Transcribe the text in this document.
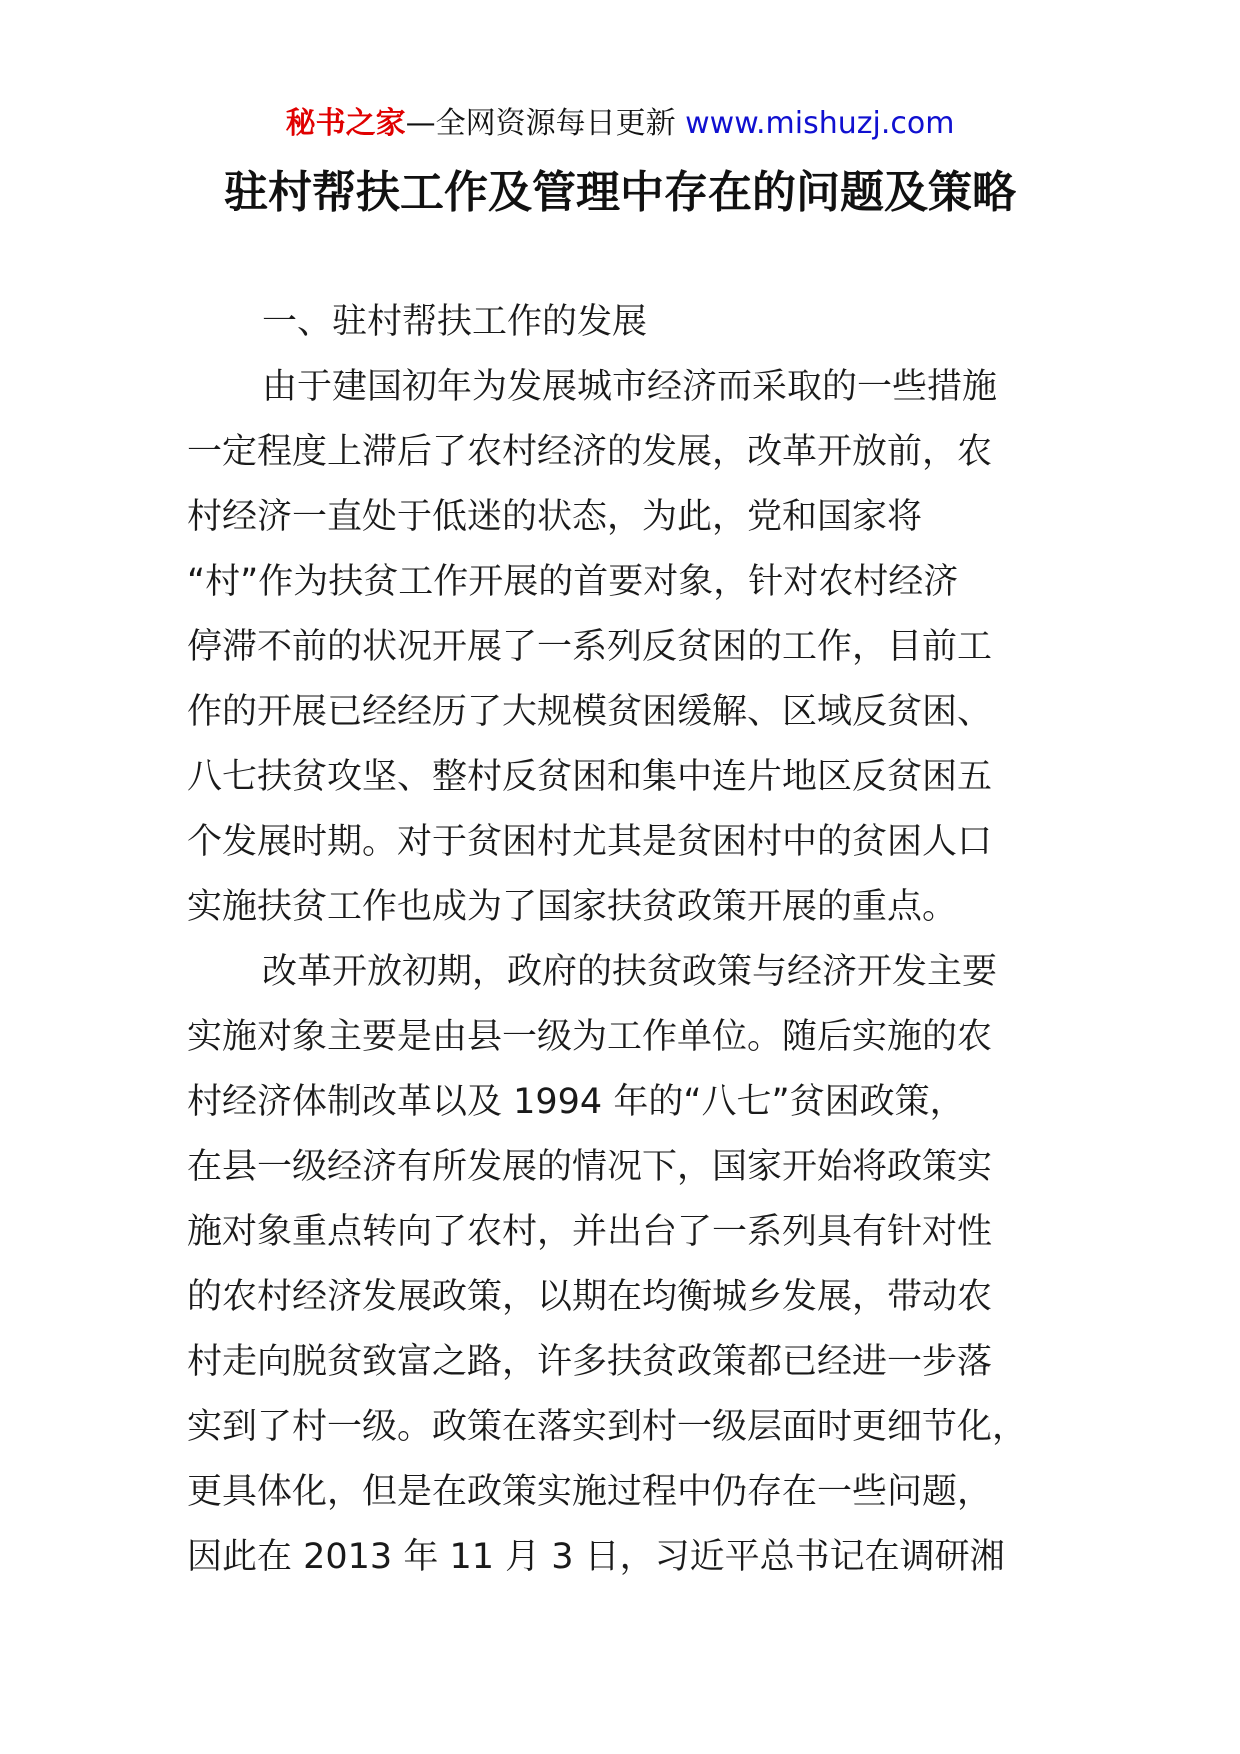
秘书之家—全网资源每日更新 www.mishuzj.com
驻村帮扶工作及管理中存在的问题及策略
一、驻村帮扶工作的发展
由于建国初年为发展城市经济而采取的一些措施
一定程度上滞后了农村经济的发展，改革开放前，农
村经济一直处于低迷的状态，为此，党和国家将
“村”作为扶贫工作开展的首要对象，针对农村经济
停滞不前的状况开展了一系列反贫困的工作，目前工
作的开展已经经历了大规模贫困缓解、区域反贫困、
八七扶贫攻坚、整村反贫困和集中连片地区反贫困五
个发展时期。对于贫困村尤其是贫困村中的贫困人口
实施扶贫工作也成为了国家扶贫政策开展的重点。
改革开放初期，政府的扶贫政策与经济开发主要
实施对象主要是由县一级为工作单位。随后实施的农
村经济体制改革以及 1994 年的“八七”贫困政策，
在县一级经济有所发展的情况下，国家开始将政策实
施对象重点转向了农村，并出台了一系列具有针对性
的农村经济发展政策，以期在均衡城乡发展，带动农
村走向脱贫致富之路，许多扶贫政策都已经进一步落
实到了村一级。政策在落实到村一级层面时更细节化，
更具体化，但是在政策实施过程中仍存在一些问题，
因此在 2013 年 11 月 3 日，习近平总书记在调研湘
